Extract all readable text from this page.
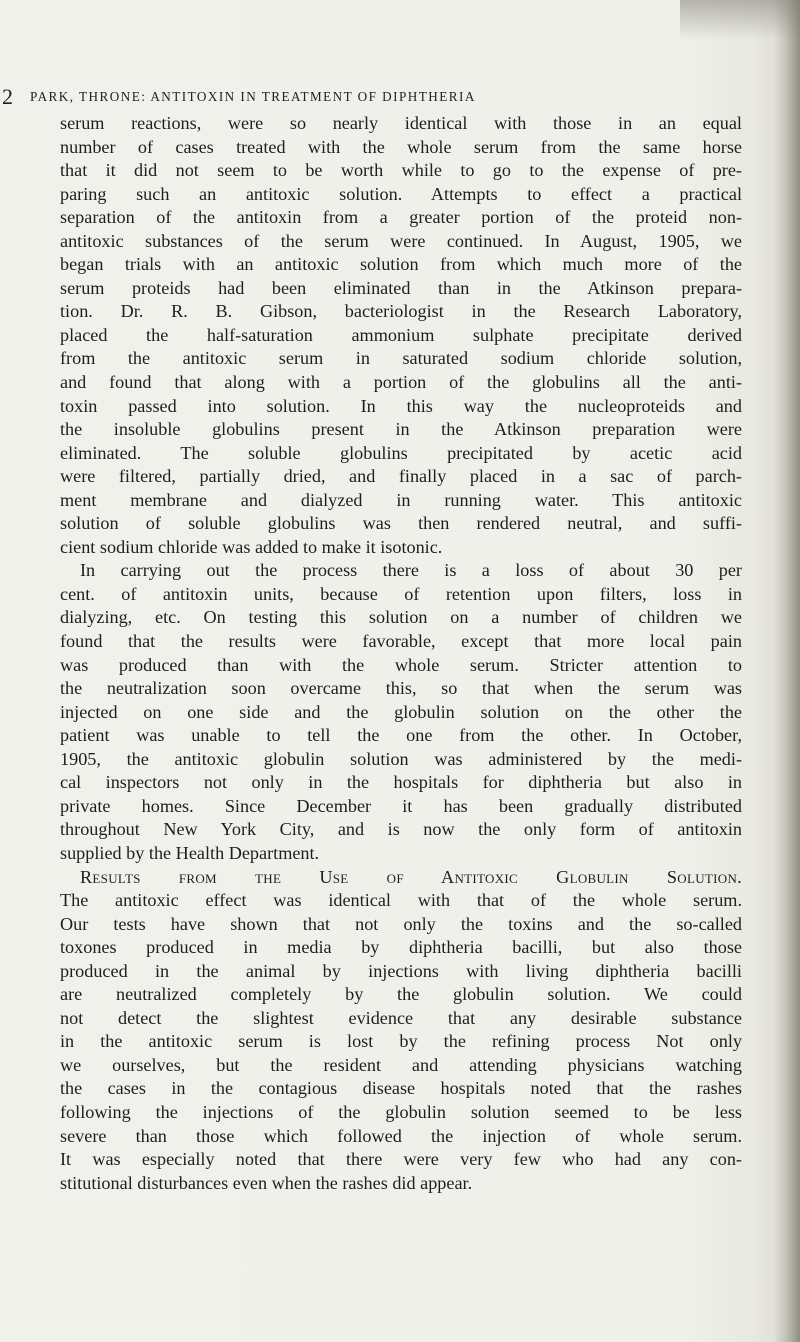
2 PARK, THRONE: ANTITOXIN IN TREATMENT OF DIPHTHERIA

serum reactions, were so nearly identical with those in an equal
number of cases treated with the whole serum from the same horse
that it did not seem to be worth while to go to the expense of pre-
paring such an antitoxic solution. Attempts to effect a practical
separation of the antitoxin from a greater portion of the proteid non-
antitoxic substances of the serum were continued. In August, 1905, we
began trials with an antitoxic solution from which much more of the
serum proteids had been eliminated than in the Atkinson prepara-
tion. Dr. R. B. Gibson, bacteriologist in the Research Laboratory,
placed the half-saturation ammonium sulphate precipitate derived
from the antitoxic serum in saturated sodium chloride solution,
and found that along with a portion of the globulins all the anti-
toxin passed into solution. In this way the nucleoproteids and
the insoluble globulins present in the Atkinson preparation were
eliminated. The soluble globulins precipitated by acetic acid
were filtered, partially dried, and finally placed in a sac of parch-
ment membrane and dialyzed in running water. This antitoxic
solution of soluble globulins was then rendered neutral, and suffi-
cient sodium chloride was added to make it isotonic.

In carrying out the process there is a loss of about 30 per
cent. of antitoxin units, because of retention upon filters, loss in
dialyzing, etc. On testing this solution on a number of children we
found that the results were favorable, except that more local pain
was produced than with the whole serum. Stricter attention to
the neutralization soon overcame this, so that when the serum was
injected on one side and the globulin solution on the other the
patient was unable to tell the one from the other. In October,
1905, the antitoxic globulin solution was administered by the medi-
cal inspectors not only in the hospitals for diphtheria but also in
private homes. Since December it has been gradually distributed
throughout New York City, and is now the only form of antitoxin
supplied by the Health Department.

Results from the Use of Antitoxic Globulin Solution.
The antitoxic effect was identical with that of the whole serum.
Our tests have shown that not only the toxins and the so-called
toxones produced in media by diphtheria bacilli, but also those
produced in the animal by injections with living diphtheria bacilli
are neutralized completely by the globulin solution. We could
not detect the slightest evidence that any desirable substance
in the antitoxic serum is lost by the refining process Not only
we ourselves, but the resident and attending physicians watching
the cases in the contagious disease hospitals noted that the rashes
following the injections of the globulin solution seemed to be less
severe than those which followed the injection of whole serum.
It was especially noted that there were very few who had any con-
stitutional disturbances even when the rashes did appear.
